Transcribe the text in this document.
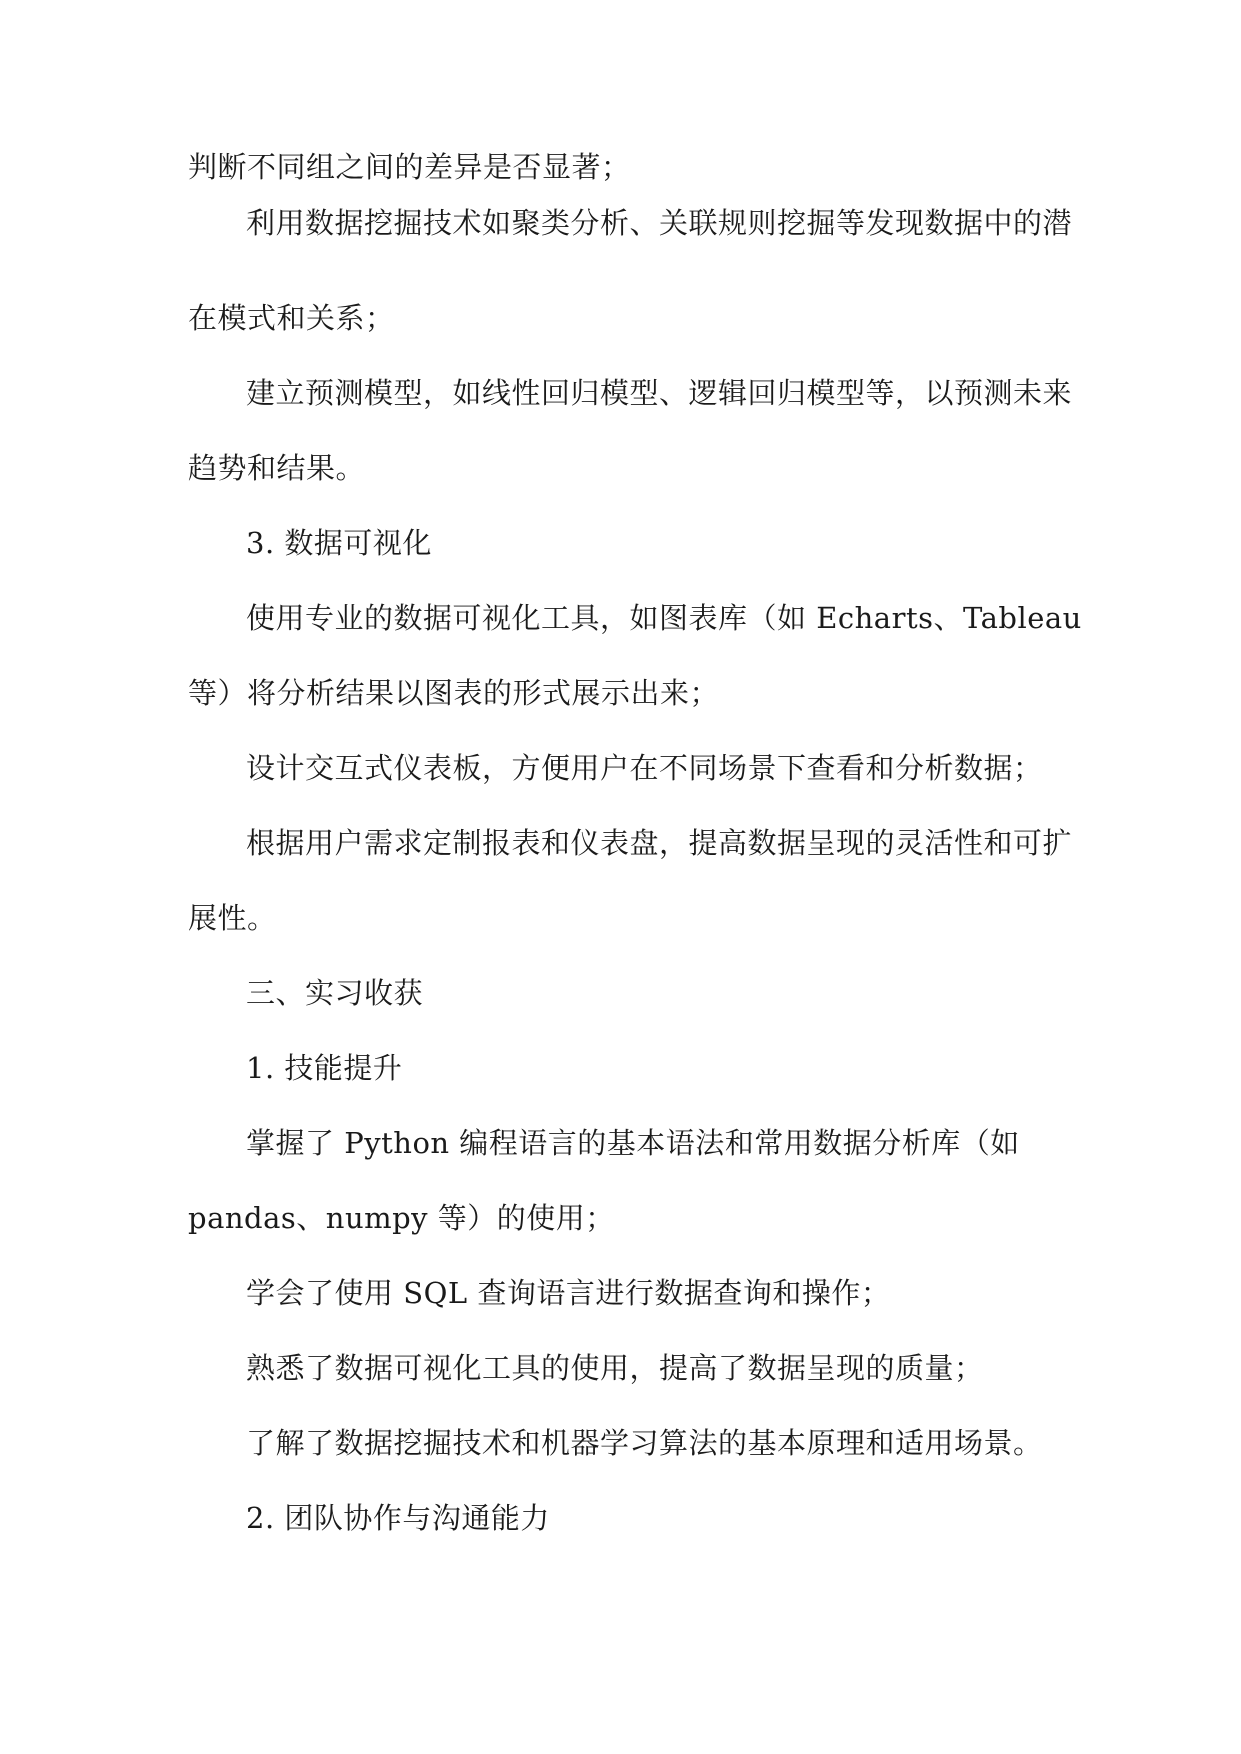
判断不同组之间的差异是否显著；
利用数据挖掘技术如聚类分析、关联规则挖掘等发现数据中的潜
在模式和关系；
建立预测模型，如线性回归模型、逻辑回归模型等，以预测未来
趋势和结果。
3. 数据可视化
使用专业的数据可视化工具，如图表库（如 Echarts、Tableau
等）将分析结果以图表的形式展示出来；
设计交互式仪表板，方便用户在不同场景下查看和分析数据；
根据用户需求定制报表和仪表盘，提高数据呈现的灵活性和可扩
展性。
三、实习收获
1. 技能提升
掌握了 Python 编程语言的基本语法和常用数据分析库（如
pandas、numpy 等）的使用；
学会了使用 SQL 查询语言进行数据查询和操作；
熟悉了数据可视化工具的使用，提高了数据呈现的质量；
了解了数据挖掘技术和机器学习算法的基本原理和适用场景。
2. 团队协作与沟通能力
